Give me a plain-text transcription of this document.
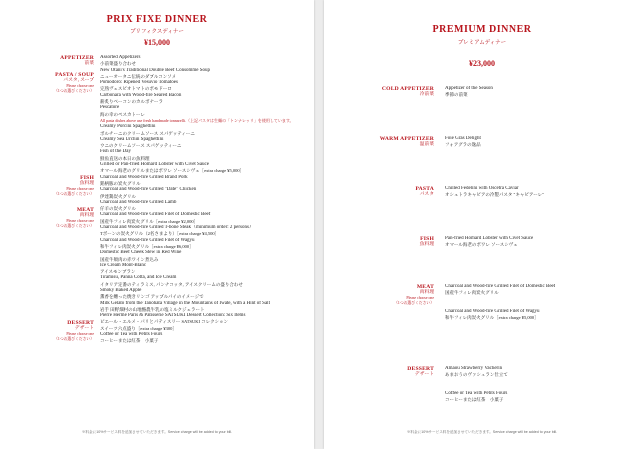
PRIX FIXE DINNER
プリフィクスディナー
¥15,000
APPETIZER
前菜
PASTA / SOUP
パスタ, スープ
Please choose one
（1つお選びください）
FISH
魚料理
Please choose one
（1つお選びください）
MEAT
肉料理
Please choose one
（1つお選びください）
DESSERT
デザート
Please choose one
（1つお選びください）
Assorted Appetizers
小前菜盛り合わせ
New Otani's Traditional Double Beef Consommé Soup
ニューオータニ伝統のダブルコンソメ
Pomodoro: Ripened Vesuvio Tomatoes
完熟ヴェスビオトマトのポモドーロ
Carbonara with Wood-fire Seared Bacon
薪炙りベーコンのカルボナーラ
Pescatore
海の幸のペスカトーレ
All pasta dishes above use fresh handmade tonnarelli.（上記パスタは生麺の「トンナレッリ」を使用しています。
Creamy Porcini Spaghettini
ポルチーニのクリームソース スパゲッティーニ
Creamy Sea Urchin Spaghettini
ウニのクリームソース スパゲッティーニ
Fish of the Day
鮮魚直送の本日の魚料理
Grilled or Pan-fried Homard Lobster with Civet Sauce
オマール海老のグリルまたはポワレ ソースシヴェ［extra charge ¥5,000］
Charcoal and Wood-fire Grilled Brand Pork
銘柄豚の炭火グリル
Charcoal and Wood-fire Grilled "Date" Chicken
伊達鶏炭火グリル
Charcoal and Wood-fire Grilled Lamb
仔羊の炭火グリル
Charcoal and Wood-fire Grilled Filet of Domestic Beef
国産牛フィレ肉炭火グリル［extra charge ¥2,000］
Charcoal and Wood-fire Grilled T-bone Steak（minimum order: 2 persons）
Tボーンの炭火グリル（2名さまより）［extra charge ¥4,500］
Charcoal and Wood-fire Grilled Filet of Wagyu
和牛フィレ肉炭火グリル［extra charge ¥6,000］
Domestic Beef Cheek Stew in Red Wine
国産牛頬肉の赤ワイン煮込み
Ice Cream Mont-Blanc
アイスモンブラン
Tiramisu, Panna Cotta, and Ice Cream
イタリア定番のティラミス, パンナコッタ, アイスクリームの盛り合わせ
Smoky Baked Apple
薫香を纏った焼きリンゴ アップルパイのイメージで
Milk Gelato from the Tanohata Village in the Mountains of Iwate, with a Hint of Salt
岩手 田野畑村の山地酪農牛乳の塩ミルクジェラート
Pierre Hermé Paris & Patisserie SATSUKI Dessert Collection: Six Items
ピエール・エルメ・パリとパティスリー SATSUKI コレクション
スイーツ六点盛り［extra charge ¥300］
Coffee or Tea with Petits Fours
コーヒーまたは紅茶　小菓子
※料金に10%サービス料を追加させていただきます。Service charge will be added to your bill.
PREMIUM DINNER
プレミアムディナー
¥23,000
COLD APPETIZER
冷前菜
Appetizer of the Season
季節の前菜
WARM APPETIZER
温前菜
Foie Gras Delight
フォアグラの逸品
PASTA
パスタ
Chilled Fedelini with Oscetra Caviar
オシェトラキャビアの冷製パスタ "キャビアーレ"
FISH
魚料理
Pan-fried Homard Lobster with Civet Sauce
オマール海老のポワレ ソースシヴェ
MEAT
肉料理
Please choose one
（1つお選びください）
Charcoal and Wood-fire Grilled Filet of Domestic Beef
国産牛フィレ肉炭火グリル
Charcoal and Wood-fire Grilled Filet of Wagyu
和牛フィレ肉炭火グリル［extra charge ¥5,000］
DESSERT
デザート
Amaou Strawberry Vacherin
あまおうのヴァシュラン仕立て
Coffee or Tea with Petits Fours
コーヒーまたは紅茶　小菓子
※料金に10%サービス料を追加させていただきます。Service charge will be added to your bill.
